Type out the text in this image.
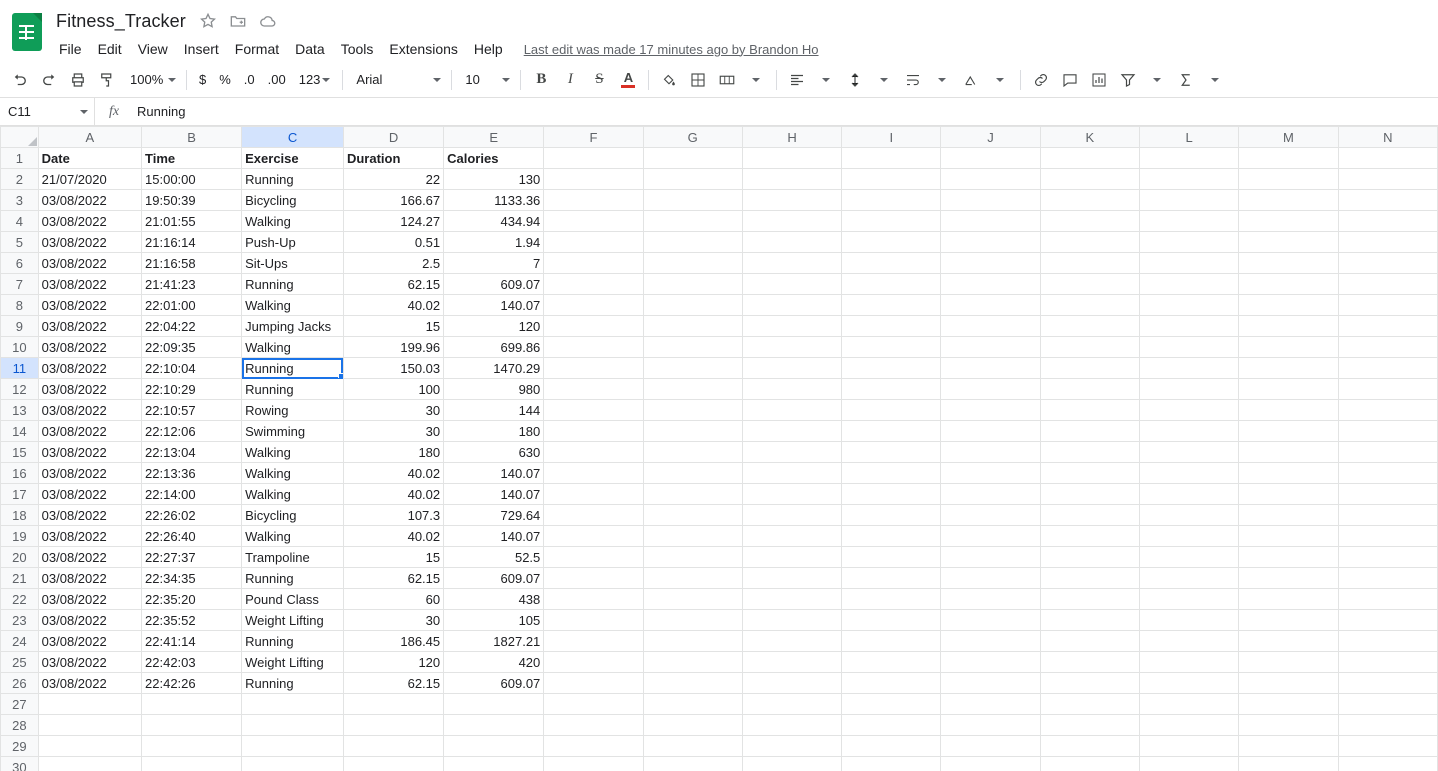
Fitness_Tracker
File	Edit	View	Insert	Format	Data	Tools	Extensions	Help	Last edit was made 17 minutes ago by Brandon Ho
100%	$	%	.0	.00	123	Arial	10	B	I	S	A
C11	fx	Running
	A	B	C	D	E	F	G	H	I	J	K	L	M	N
1	Date	Time	Exercise	Duration	Calories									
2	21/07/2020	15:00:00	Running	22	130									
3	03/08/2022	19:50:39	Bicycling	166.67	1133.36									
4	03/08/2022	21:01:55	Walking	124.27	434.94									
5	03/08/2022	21:16:14	Push-Up	0.51	1.94									
6	03/08/2022	21:16:58	Sit-Ups	2.5	7									
7	03/08/2022	21:41:23	Running	62.15	609.07									
8	03/08/2022	22:01:00	Walking	40.02	140.07									
9	03/08/2022	22:04:22	Jumping Jacks	15	120									
10	03/08/2022	22:09:35	Walking	199.96	699.86									
11	03/08/2022	22:10:04	Running	150.03	1470.29									
12	03/08/2022	22:10:29	Running	100	980									
13	03/08/2022	22:10:57	Rowing	30	144									
14	03/08/2022	22:12:06	Swimming	30	180									
15	03/08/2022	22:13:04	Walking	180	630									
16	03/08/2022	22:13:36	Walking	40.02	140.07									
17	03/08/2022	22:14:00	Walking	40.02	140.07									
18	03/08/2022	22:26:02	Bicycling	107.3	729.64									
19	03/08/2022	22:26:40	Walking	40.02	140.07									
20	03/08/2022	22:27:37	Trampoline	15	52.5									
21	03/08/2022	22:34:35	Running	62.15	609.07									
22	03/08/2022	22:35:20	Pound Class	60	438									
23	03/08/2022	22:35:52	Weight Lifting	30	105									
24	03/08/2022	22:41:14	Running	186.45	1827.21									
25	03/08/2022	22:42:03	Weight Lifting	120	420									
26	03/08/2022	22:42:26	Running	62.15	609.07									
27														
28														
29														
30														
